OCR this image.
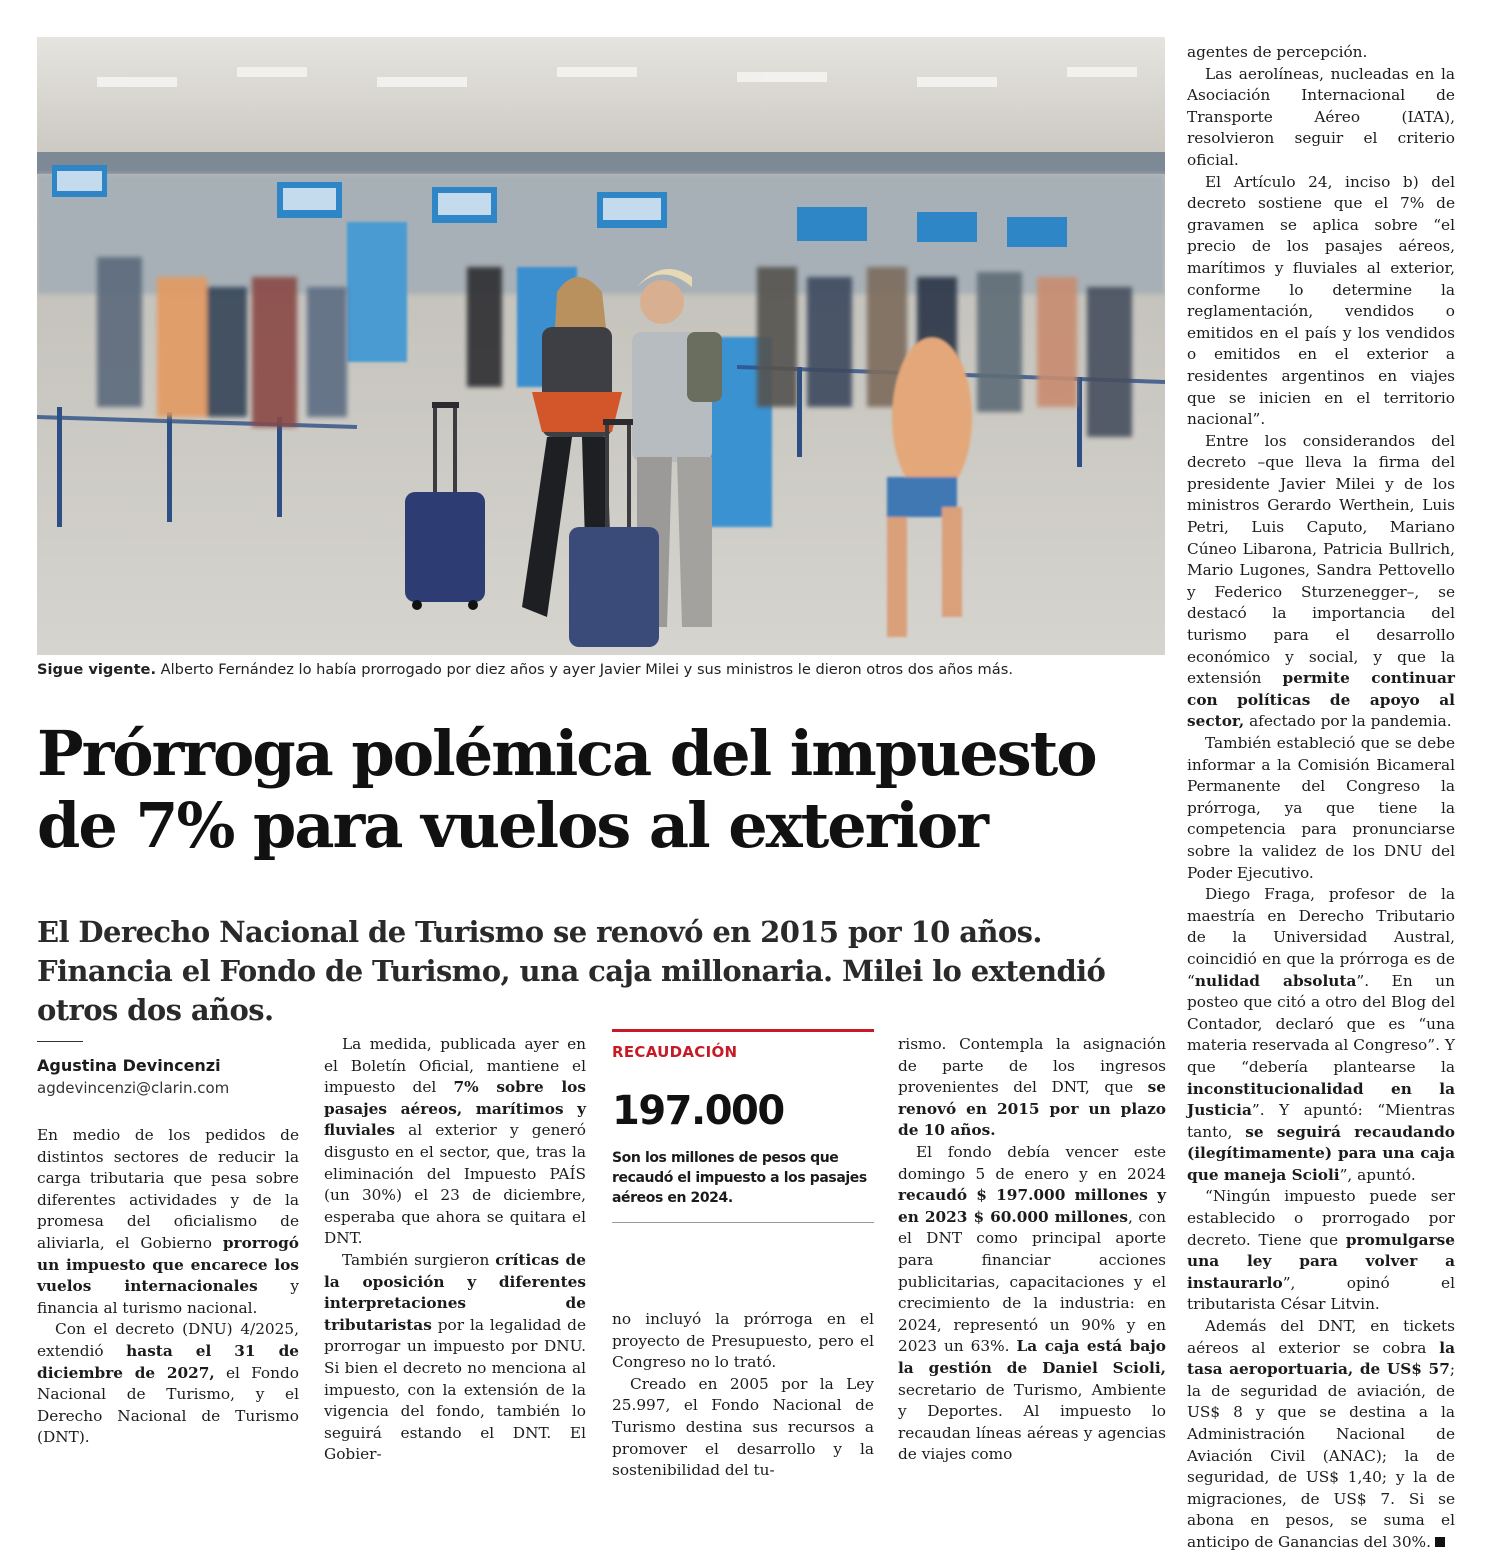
Sigue vigente. Alberto Fernández lo había prorrogado por diez años y ayer Javier Milei y sus ministros le dieron otros dos años más.
Prórroga polémica del impuesto de 7% para vuelos al exterior
El Derecho Nacional de Turismo se renovó en 2015 por 10 años. Financia el Fondo de Turismo, una caja millonaria. Milei lo extendió otros dos años.
Agustina Devincenzi
agdevincenzi@clarin.com

En medio de los pedidos de distintos sectores de reducir la carga tributaria que pesa sobre diferentes actividades y de la promesa del oficialismo de aliviarla, el Gobierno prorrogó un impuesto que encarece los vuelos internacionales y financia al turismo nacional.

Con el decreto (DNU) 4/2025, extendió hasta el 31 de diciembre de 2027, el Fondo Nacional de Turismo, y el Derecho Nacional de Turismo (DNT).

La medida, publicada ayer en el Boletín Oficial, mantiene el impuesto del 7% sobre los pasajes aéreos, marítimos y fluviales al exterior y generó disgusto en el sector, que, tras la eliminación del Impuesto PAÍS (un 30%) el 23 de diciembre, esperaba que ahora se quitara el DNT.

También surgieron críticas de la oposición y diferentes interpretaciones de tributaristas por la legalidad de prorrogar un impuesto por DNU. Si bien el decreto no menciona al impuesto, con la extensión de la vigencia del fondo, también lo seguirá estando el DNT. El Gobier-

no incluyó la prórroga en el proyecto de Presupuesto, pero el Congreso no lo trató.

Creado en 2005 por la Ley 25.997, el Fondo Nacional de Turismo destina sus recursos a promover el desarrollo y la sostenibilidad del tu-

rismo. Contempla la asignación de parte de los ingresos provenientes del DNT, que se renovó en 2015 por un plazo de 10 años.

El fondo debía vencer este domingo 5 de enero y en 2024 recaudó $ 197.000 millones y en 2023 $ 60.000 millones, con el DNT como principal aporte para financiar acciones publicitarias, capacitaciones y el crecimiento de la industria: en 2024, representó un 90% y en 2023 un 63%. La caja está bajo la gestión de Daniel Scioli, secretario de Turismo, Ambiente y Deportes. Al impuesto lo recaudan líneas aéreas y agencias de viajes como

agentes de percepción.

Las aerolíneas, nucleadas en la Asociación Internacional de Transporte Aéreo (IATA), resolvieron seguir el criterio oficial.

El Artículo 24, inciso b) del decreto sostiene que el 7% de gravamen se aplica sobre “el precio de los pasajes aéreos, marítimos y fluviales al exterior, conforme lo determine la reglamentación, vendidos o emitidos en el país y los vendidos o emitidos en el exterior a residentes argentinos en viajes que se inicien en el territorio nacional”.

Entre los considerandos del decreto –que lleva la firma del presidente Javier Milei y de los ministros Gerardo Werthein, Luis Petri, Luis Caputo, Mariano Cúneo Libarona, Patricia Bullrich, Mario Lugones, Sandra Pettovello y Federico Sturzenegger–, se destacó la importancia del turismo para el desarrollo económico y social, y que la extensión permite continuar con políticas de apoyo al sector, afectado por la pandemia.

También estableció que se debe informar a la Comisión Bicameral Permanente del Congreso la prórroga, ya que tiene la competencia para pronunciarse sobre la validez de los DNU del Poder Ejecutivo.

Diego Fraga, profesor de la maestría en Derecho Tributario de la Universidad Austral, coincidió en que la prórroga es de “nulidad absoluta”. En un posteo que citó a otro del Blog del Contador, declaró que es “una materia reservada al Congreso”. Y que “debería plantearse la inconstitucionalidad en la Justicia”. Y apuntó: “Mientras tanto, se seguirá recaudando (ilegítimamente) para una caja que maneja Scioli”, apuntó.

“Ningún impuesto puede ser establecido o prorrogado por decreto. Tiene que promulgarse una ley para volver a instaurarlo”, opinó el tributarista César Litvin.

Además del DNT, en tickets aéreos al exterior se cobra la tasa aeroportuaria, de US$ 57; la de seguridad de aviación, de US$ 8 y que se destina a la Administración Nacional de Aviación Civil (ANAC); la de seguridad, de US$ 1,40; y la de migraciones, de US$ 7. Si se abona en pesos, se suma el anticipo de Ganancias del 30%.

RECAUDACIÓN
197.000
Son los millones de pesos que recaudó el impuesto a los pasajes aéreos en 2024.
